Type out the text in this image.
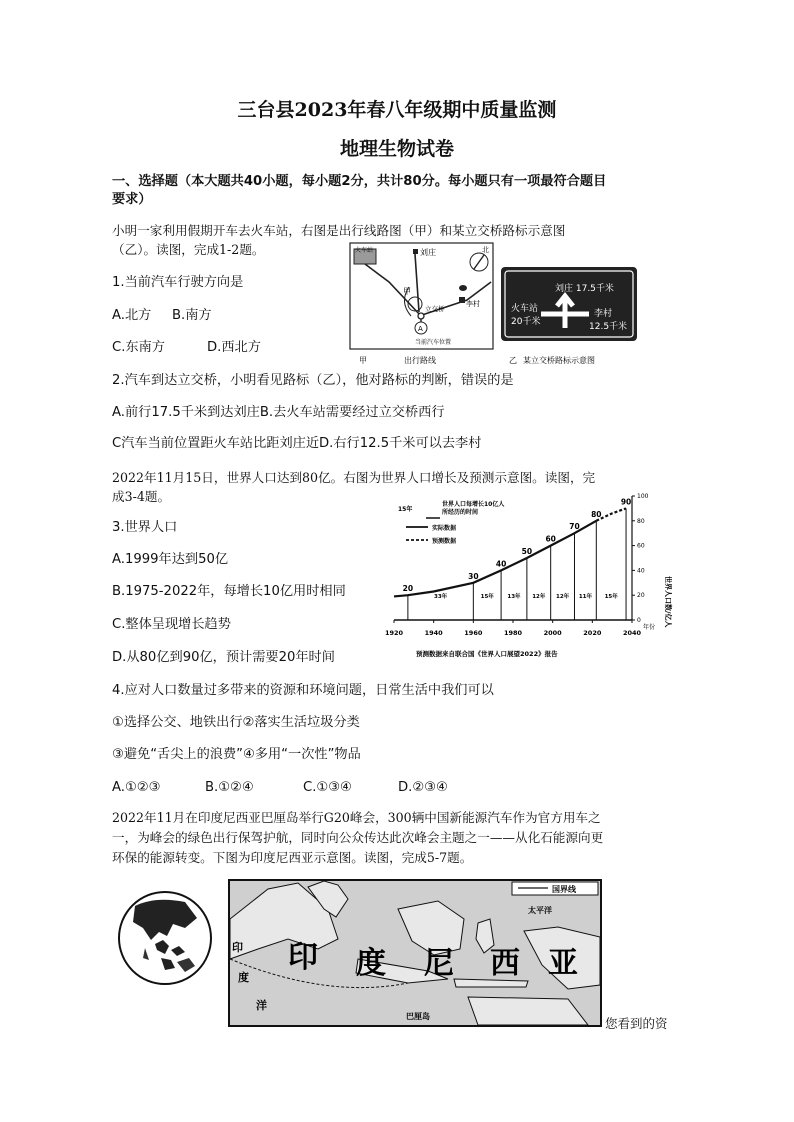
三台县2023年春八年级期中质量监测
地理生物试卷
一、选择题（本大题共40小题，每小题2分，共计80分。每小题只有一项最符合题目
要求）
小明一家利用假期开车去火车站，右图是出行线路图（甲）和某立交桥路标示意图
（乙）。读图，完成1-2题。
1.当前汽车行驶方向是
A.北方 B.南方
C.东南方	D.西北方
火车站	刘庄	北
甲
立交桥
李村
A
当前汽车位置
甲	出行路线
刘庄 17.5千米
火车站
20千米
李村
12.5千米
乙 某立交桥路标示意图
2.汽车到达立交桥，小明看见路标（乙），他对路标的判断，错误的是
A.前行17.5千米到达刘庄B.去火车站需要经过立交桥西行
C汽车当前位置距火车站比距刘庄近D.右行12.5千米可以去李村
2022年11月15日，世界人口达到80亿。右图为世界人口增长及预测示意图。读图，完
成3-4题。
3.世界人口
A.1999年达到50亿
B.1975-2022年，每增长10亿用时相同
C.整体呈现增长趋势
D.从80亿到90亿，预计需要20年时间
15年
世界人口每增长10亿人
所经历的时间
实际数据
预测数据
世界人口数/亿人
年份
预测数据来自联合国《世界人口展望2022》报告
1920	1940	1960	1980	2000	2020	2040
0
20
40
60
80
100
20
30
40
50
60
70
80
90
33年	15年 13年 12年 12年 11年 15年
4.应对人口数量过多带来的资源和环境问题，日常生活中我们可以
①选择公交、地铁出行②落实生活垃圾分类
③避免“舌尖上的浪费”④多用“一次性”物品
A.①②③	B.①②④	C.①③④	D.②③④
2022年11月在印度尼西亚巴厘岛举行G20峰会，300辆中国新能源汽车作为官方用车之
一，为峰会的绿色出行保驾护航，同时向公众传达此次峰会主题之一——从化石能源向更
环保的能源转变。下图为印度尼西亚示意图。读图，完成5-7题。
国界线
太平洋
印
度
洋
印 度 尼 西 亚
巴厘岛	您看到的资
